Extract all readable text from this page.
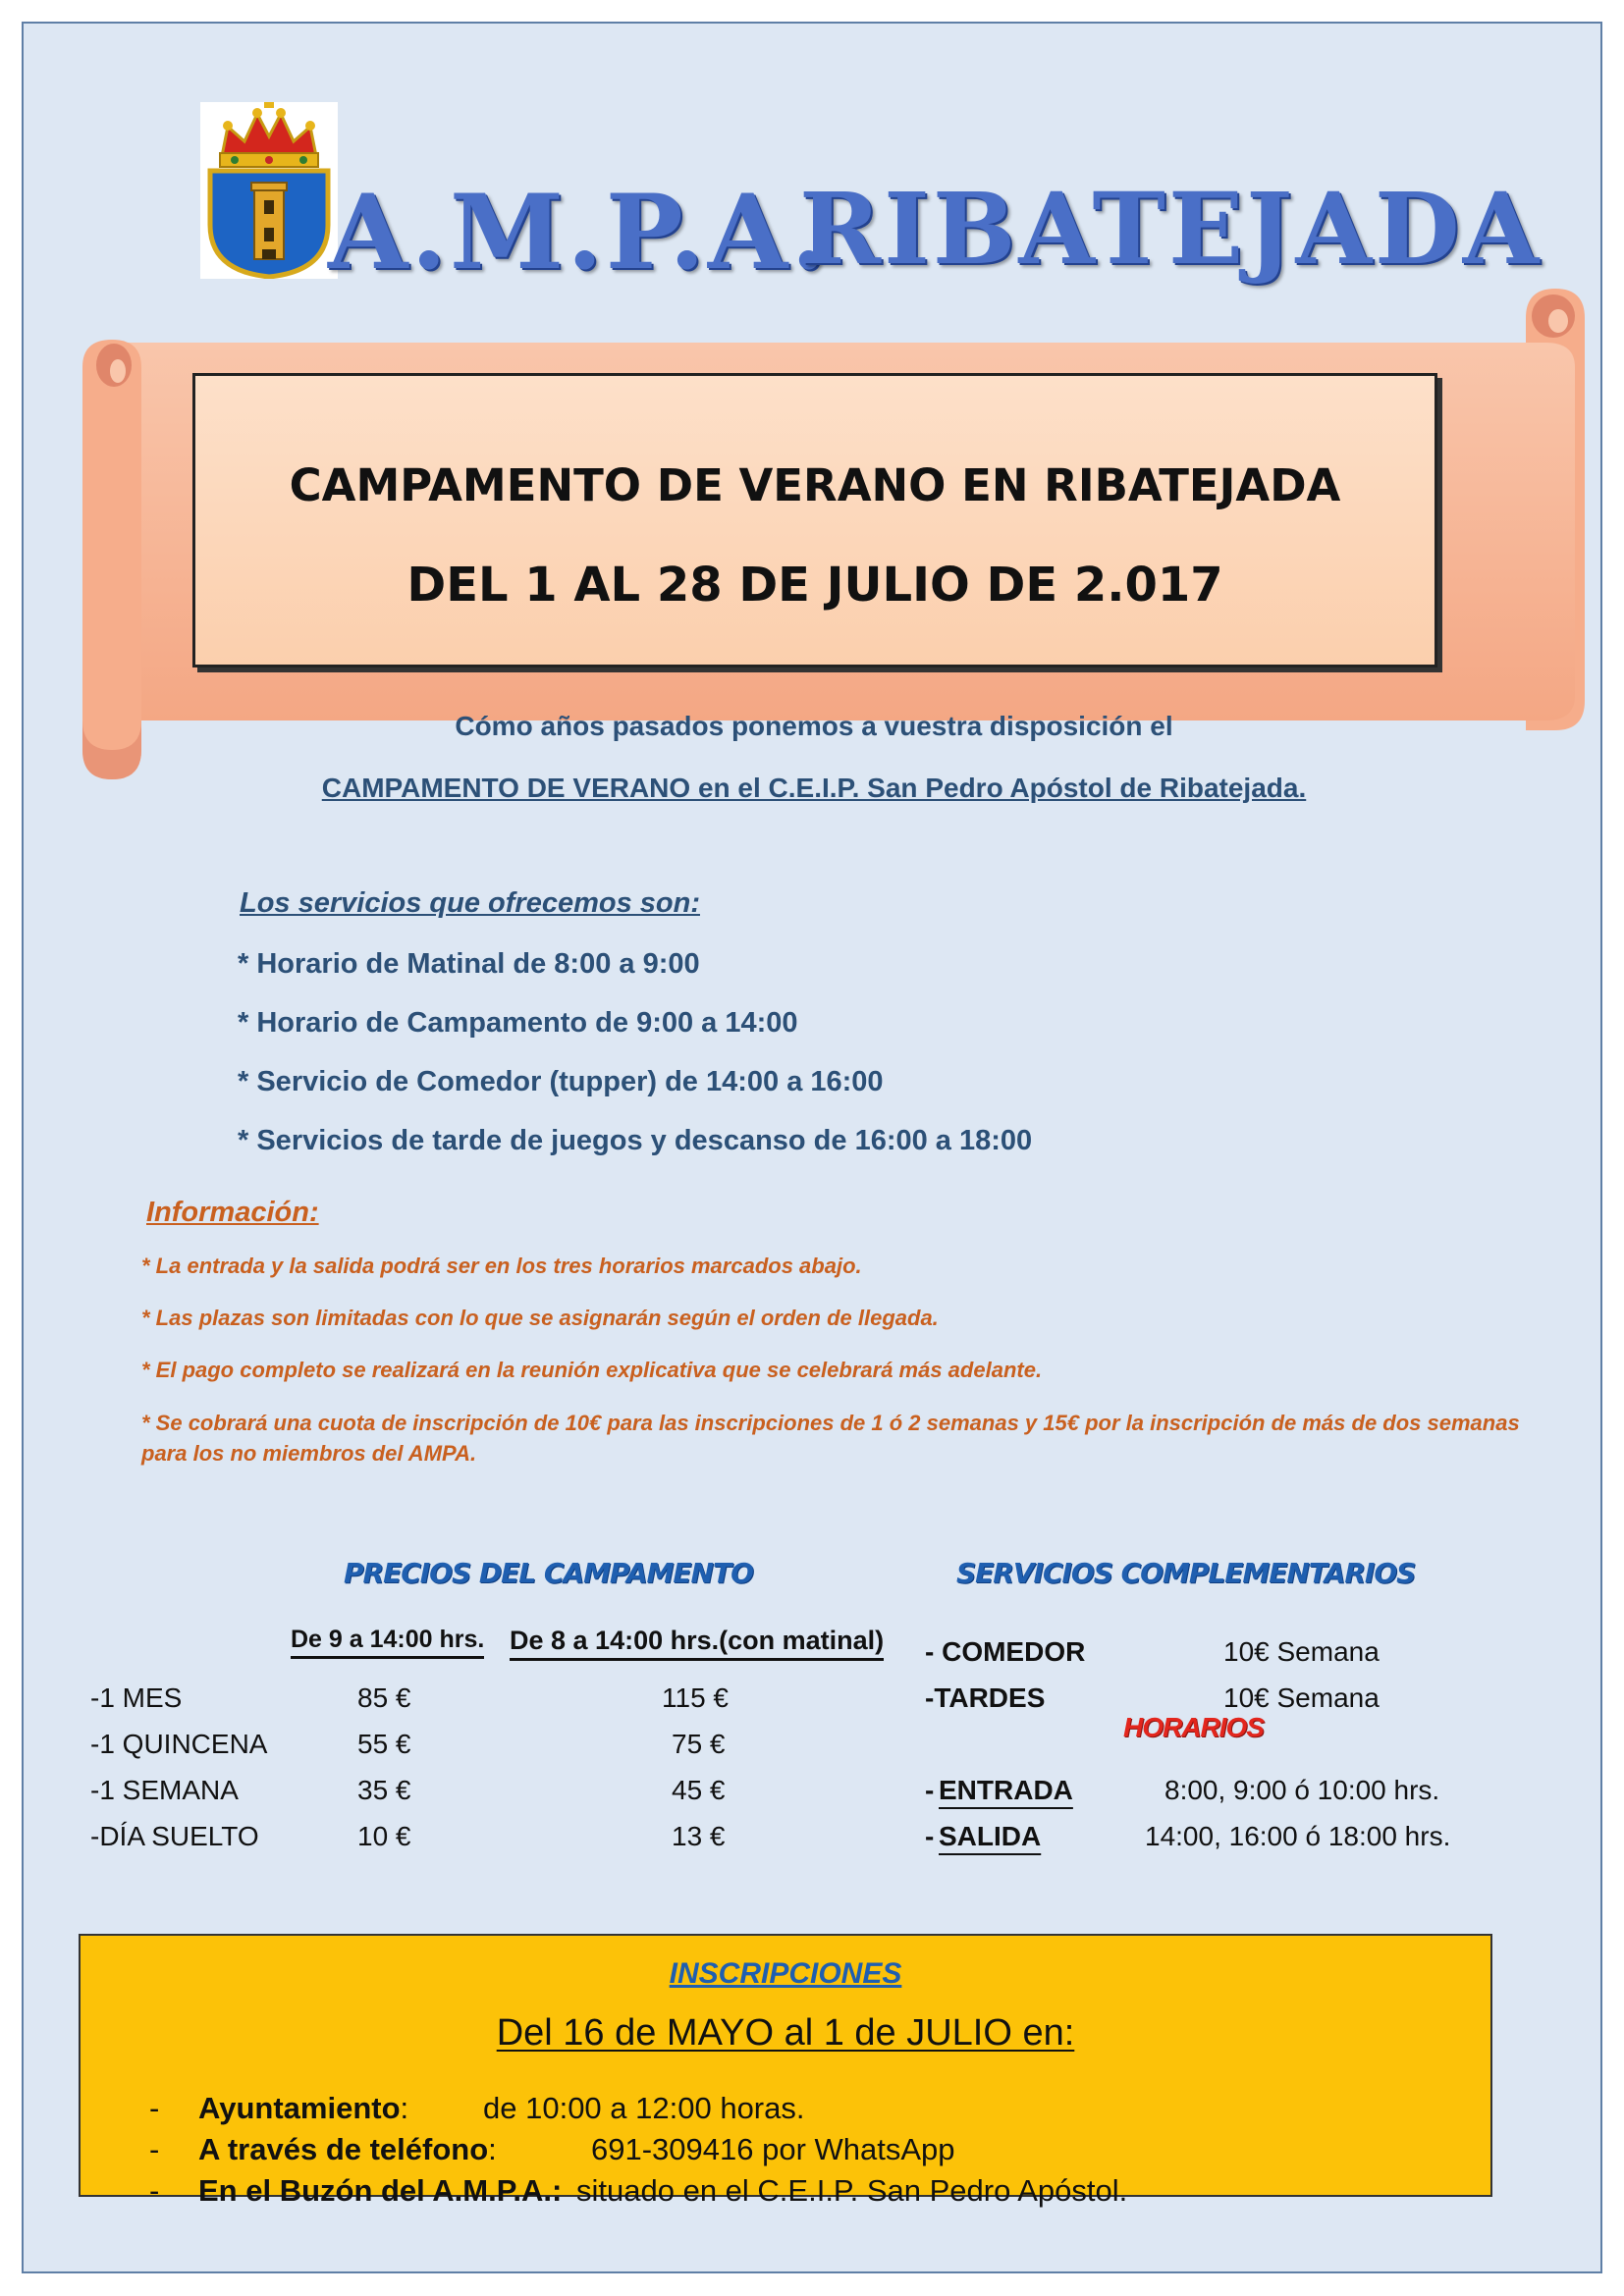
A.M.P.A.
RIBATEJADA
CAMPAMENTO DE VERANO EN RIBATEJADA
DEL 1 AL 28 DE JULIO DE 2.017
Cómo años pasados ponemos a vuestra disposición el
CAMPAMENTO DE VERANO en el C.E.I.P. San Pedro Apóstol de Ribatejada.
Los servicios que ofrecemos son:
* Horario de Matinal de 8:00 a 9:00
* Horario de Campamento de 9:00 a 14:00
* Servicio de Comedor (tupper) de 14:00 a 16:00
* Servicios de tarde de juegos y descanso de 16:00 a 18:00
Información:
* La entrada y la salida podrá ser en los tres horarios marcados abajo.
* Las plazas son limitadas con lo que se asignarán según el orden de llegada.
* El pago completo se realizará en la reunión explicativa que se celebrará más adelante.
* Se cobrará una cuota de inscripción de 10€ para las inscripciones de 1 ó 2 semanas y 15€ por la inscripción de más de dos semanas para los no miembros del AMPA.
PRECIOS DEL CAMPAMENTO	SERVICIOS COMPLEMENTARIOS
De 9 a 14:00 hrs. De 8 a 14:00 hrs.(con matinal)
-1 MES	85 €	115 €
-1 QUINCENA	55 €	75 €
-1 SEMANA	35 €	45 €
-DÍA SUELTO	10 €	13 €
- COMEDOR	10€ Semana
-TARDES	10€ Semana
HORARIOS
- ENTRADA	8:00, 9:00 ó 10:00 hrs.
- SALIDA	14:00, 16:00 ó 18:00 hrs.
INSCRIPCIONES
Del 16 de MAYO al 1 de JULIO en:
- Ayuntamiento: de 10:00 a 12:00 horas.
- A través de teléfono:	691-309416 por WhatsApp
- En el Buzón del A.M.P.A.: situado en el C.E.I.P. San Pedro Apóstol.
